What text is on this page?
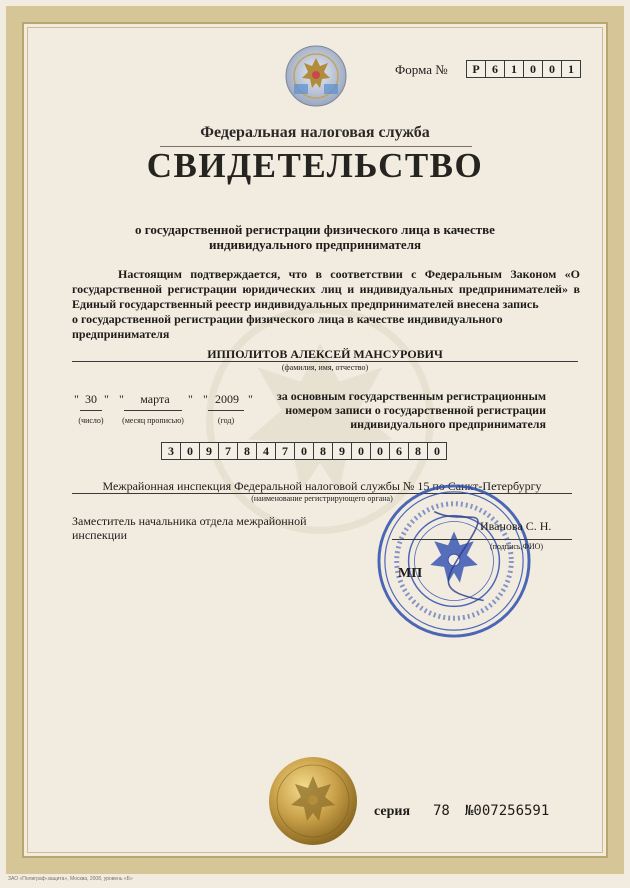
Форма №	Р	6	1	0	0	1
Федеральная налоговая служба
СВИДЕТЕЛЬСТВО
о государственной регистрации физического лица в качестве
индивидуального предпринимателя
Настоящим подтверждается, что в соответствии с Федеральным Законом «О государственной регистрации юридических лиц и индивидуальных предпринимателей» в Единый государственный реестр индивидуальных предпринимателей внесена запись
о государственной регистрации физического лица в качестве индивидуального предпринимателя
ИППОЛИТОВ АЛЕКСЕЙ МАНСУРОВИЧ
(фамилия, имя, отчество)
" 30 " "	марта	" " 2009 "
(число)	(месяц прописью)	(год)
за основным государственным регистрационным
номером записи о государственной регистрации
индивидуального предпринимателя
3	0	9	7	8	4	7	0	8	9	0	0	6	8	0
Межрайонная инспекция Федеральной налоговой службы № 15 по Санкт-Петербургу
(наименование регистрирующего органа)
Заместитель начальника отдела межрайонной
инспекции
Иванова С. Н.
(подпись,ФИО)
МП
серия 78 №007256591
ЗАО «Полиграф-защита», Москва, 2008, уровень «Б»
